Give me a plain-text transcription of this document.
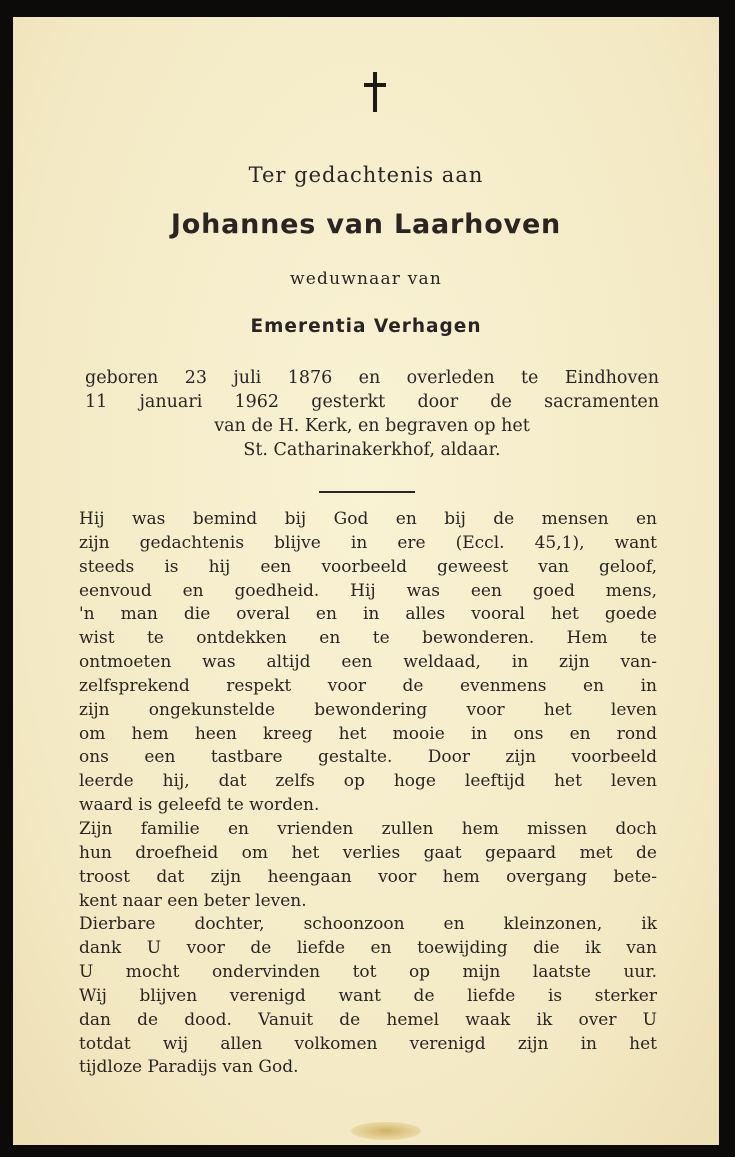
Ter gedachtenis aan
Johannes van Laarhoven
weduwnaar van
Emerentia Verhagen
geboren 23 juli 1876 en overleden te Eindhoven
11 januari 1962 gesterkt door de sacramenten
van de H. Kerk, en begraven op het
St. Catharinakerkhof, aldaar.
Hij was bemind bij God en bij de mensen en
zijn gedachtenis blijve in ere (Eccl. 45,1), want
steeds is hij een voorbeeld geweest van geloof,
eenvoud en goedheid. Hij was een goed mens,
'n man die overal en in alles vooral het goede
wist te ontdekken en te bewonderen. Hem te
ontmoeten was altijd een weldaad, in zijn van-
zelfsprekend respekt voor de evenmens en in
zijn ongekunstelde bewondering voor het leven
om hem heen kreeg het mooie in ons en rond
ons een tastbare gestalte. Door zijn voorbeeld
leerde hij, dat zelfs op hoge leeftijd het leven
waard is geleefd te worden.
Zijn familie en vrienden zullen hem missen doch
hun droefheid om het verlies gaat gepaard met de
troost dat zijn heengaan voor hem overgang bete-
kent naar een beter leven.
Dierbare dochter, schoonzoon en kleinzonen, ik
dank U voor de liefde en toewijding die ik van
U mocht ondervinden tot op mijn laatste uur.
Wij blijven verenigd want de liefde is sterker
dan de dood. Vanuit de hemel waak ik over U
totdat wij allen volkomen verenigd zijn in het
tijdloze Paradijs van God.
